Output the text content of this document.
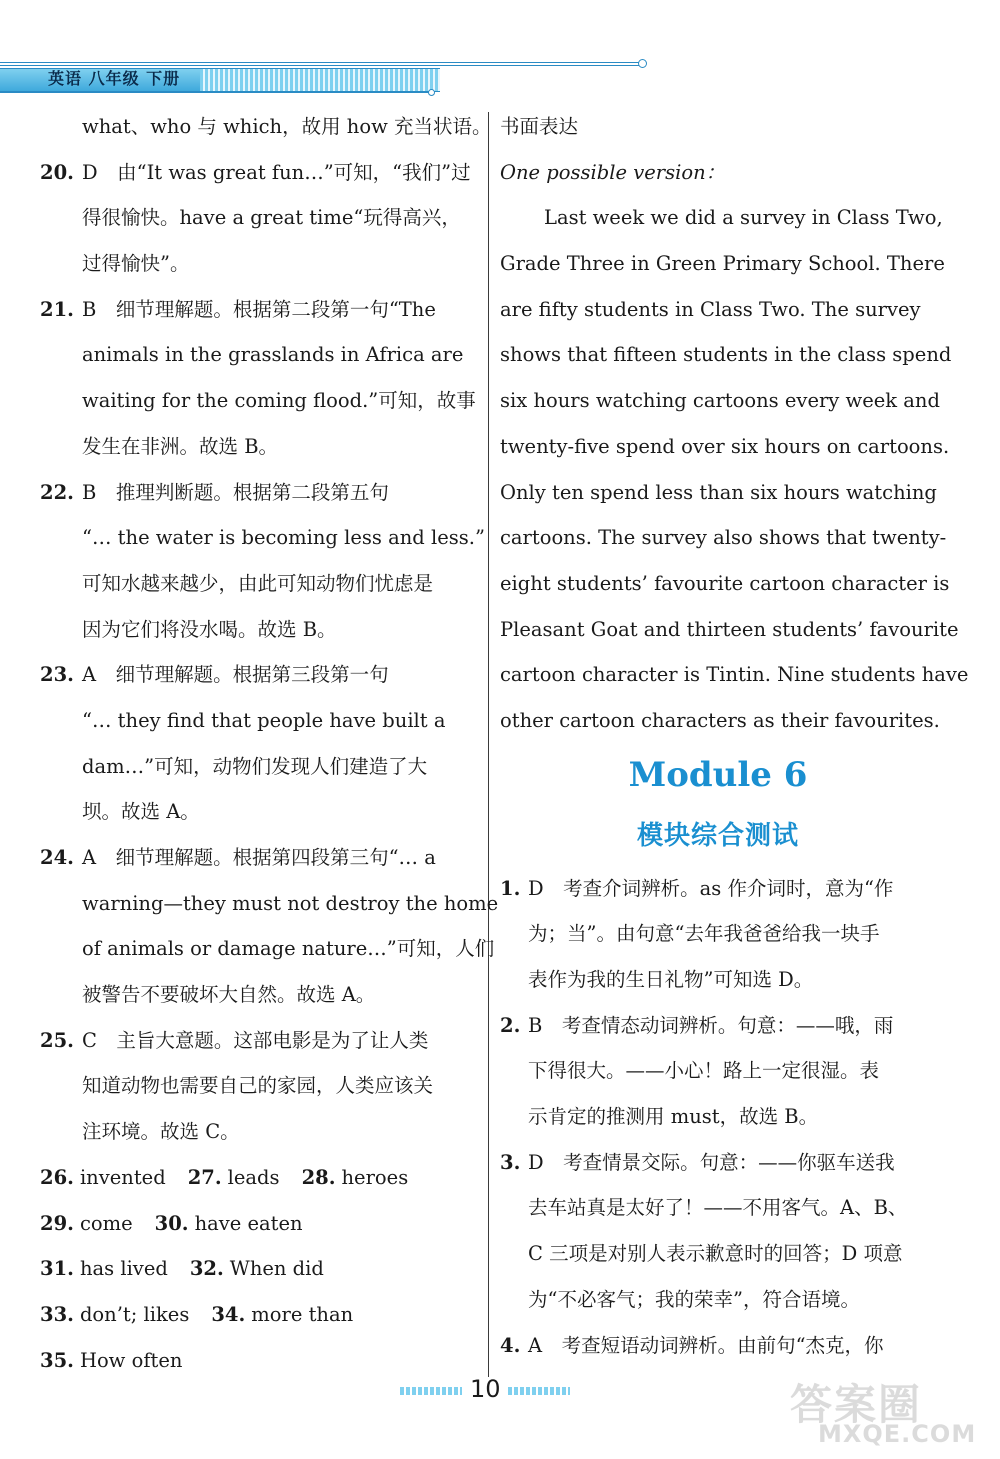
英语 八年级 下册
what、who 与 which，故用 how 充当状语。
20. D　由“It was great fun…”可知，“我们”过
得很愉快。have a great time“玩得高兴，
过得愉快”。
21. B　细节理解题。根据第二段第一句“The
animals in the grasslands in Africa are
waiting for the coming flood.”可知，故事
发生在非洲。故选 B。
22. B　推理判断题。根据第二段第五句
“… the water is becoming less and less.”
可知水越来越少，由此可知动物们忧虑是
因为它们将没水喝。故选 B。
23. A　细节理解题。根据第三段第一句
“… they find that people have built a
dam…”可知，动物们发现人们建造了大
坝。故选 A。
24. A　细节理解题。根据第四段第三句“… a
warning—they must not destroy the home
of animals or damage nature…”可知，人们
被警告不要破坏大自然。故选 A。
25. C　主旨大意题。这部电影是为了让人类
知道动物也需要自己的家园，人类应该关
注环境。故选 C。
26. invented 27. leads 28. heroes
29. come 30. have eaten
31. has lived 32. When did
33. don’t; likes 34. more than
35. How often
书面表达
One possible version：
Last week we did a survey in Class Two,
Grade Three in Green Primary School. There
are fifty students in Class Two. The survey
shows that fifteen students in the class spend
six hours watching cartoons every week and
twenty-five spend over six hours on cartoons.
Only ten spend less than six hours watching
cartoons. The survey also shows that twenty-
eight students’ favourite cartoon character is
Pleasant Goat and thirteen students’ favourite
cartoon character is Tintin. Nine students have
other cartoon characters as their favourites.
Module 6
模块综合测试
1. D　考查介词辨析。as 作介词时，意为“作
为；当”。由句意“去年我爸爸给我一块手
表作为我的生日礼物”可知选 D。
2. B　考查情态动词辨析。句意：——哦，雨
下得很大。——小心！路上一定很湿。表
示肯定的推测用 must，故选 B。
3. D　考查情景交际。句意：——你驱车送我
去车站真是太好了！——不用客气。A、B、
C 三项是对别人表示歉意时的回答；D 项意
为“不必客气；我的荣幸”，符合语境。
4. A　考查短语动词辨析。由前句“杰克，你
10	答案圈
MXQE.COM
